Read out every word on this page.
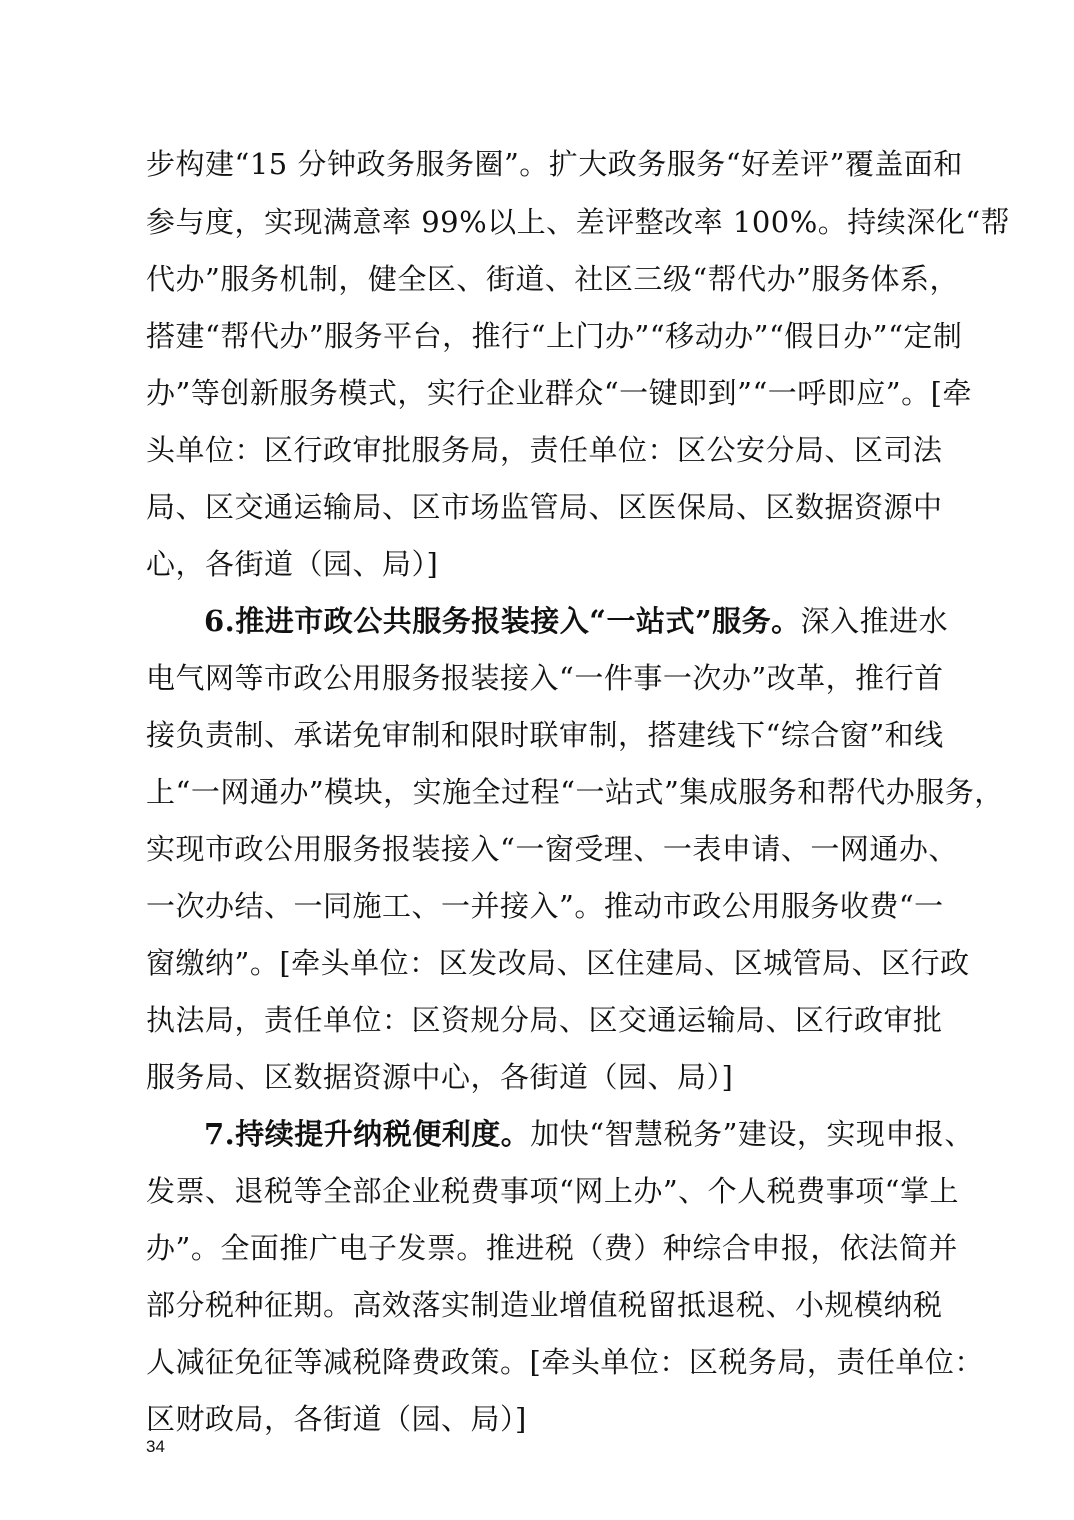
步构建“15 分钟政务服务圈”。扩大政务服务“好差评”覆盖面和
参与度，实现满意率 99%以上、差评整改率 100%。持续深化“帮
代办”服务机制，健全区、街道、社区三级“帮代办”服务体系，
搭建“帮代办”服务平台，推行“上门办”“移动办”“假日办”“定制
办”等创新服务模式，实行企业群众“一键即到”“一呼即应”。[牵
头单位：区行政审批服务局，责任单位：区公安分局、区司法
局、区交通运输局、区市场监管局、区医保局、区数据资源中
心，各街道（园、局）]
6.推进市政公共服务报装接入“一站式”服务。深入推进水
电气网等市政公用服务报装接入“一件事一次办”改革，推行首
接负责制、承诺免审制和限时联审制，搭建线下“综合窗”和线
上“一网通办”模块，实施全过程“一站式”集成服务和帮代办服务，
实现市政公用服务报装接入“一窗受理、一表申请、一网通办、
一次办结、一同施工、一并接入”。推动市政公用服务收费“一
窗缴纳”。[牵头单位：区发改局、区住建局、区城管局、区行政
执法局，责任单位：区资规分局、区交通运输局、区行政审批
服务局、区数据资源中心，各街道（园、局）]
7.持续提升纳税便利度。加快“智慧税务”建设，实现申报、
发票、退税等全部企业税费事项“网上办”、个人税费事项“掌上
办”。全面推广电子发票。推进税（费）种综合申报，依法简并
部分税种征期。高效落实制造业增值税留抵退税、小规模纳税
人减征免征等减税降费政策。[牵头单位：区税务局，责任单位：
区财政局，各街道（园、局）]
34
